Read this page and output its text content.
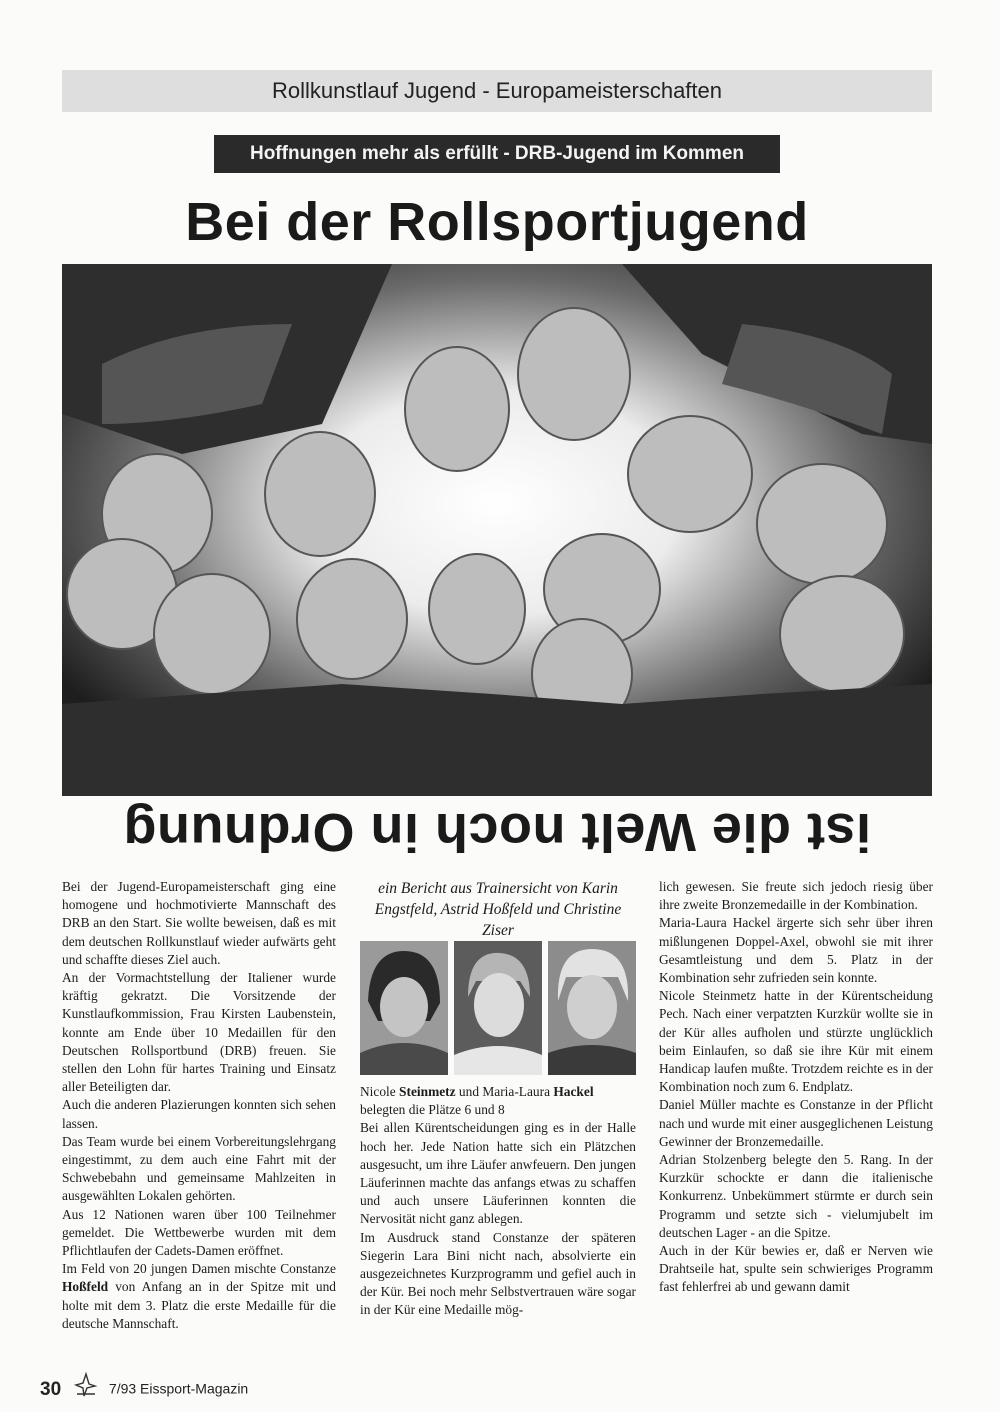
Rollkunstlauf Jugend - Europameisterschaften
Hoffnungen mehr als erfüllt - DRB-Jugend im Kommen
Bei der Rollsportjugend
ist die Welt noch in Ordnung

Bei der Jugend-Europameisterschaft ging eine homogene und hochmotivierte Mannschaft des DRB an den Start. Sie wollte beweisen, daß es mit dem deutschen Rollkunstlauf wieder aufwärts geht und schaffte dieses Ziel auch.

An der Vormachtstellung der Italiener wurde kräftig gekratzt. Die Vorsitzende der Kunstlaufkommission, Frau Kirsten Laubenstein, konnte am Ende über 10 Medaillen für den Deutschen Rollsportbund (DRB) freuen. Sie stellen den Lohn für hartes Training und Einsatz aller Beteiligten dar.

Auch die anderen Plazierungen konnten sich sehen lassen.

Das Team wurde bei einem Vorbereitungslehrgang eingestimmt, zu dem auch eine Fahrt mit der Schwebebahn und gemeinsame Mahlzeiten in ausgewählten Lokalen gehörten.

Aus 12 Nationen waren über 100 Teilnehmer gemeldet. Die Wettbewerbe wurden mit dem Pflichtlaufen der Cadets-Damen eröffnet.

Im Feld von 20 jungen Damen mischte Constanze Hoßfeld von Anfang an in der Spitze mit und holte mit dem 3. Platz die erste Medaille für die deutsche Mannschaft.

ein Bericht aus Trainersicht von Karin Engstfeld, Astrid Hoßfeld und Christine Ziser

Nicole Steinmetz und Maria-Laura Hackel
belegten die Plätze 6 und 8

Bei allen Kürentscheidungen ging es in der Halle hoch her. Jede Nation hatte sich ein Plätzchen ausgesucht, um ihre Läufer anwfeuern. Den jungen Läuferinnen machte das anfangs etwas zu schaffen und auch unsere Läuferinnen konnten die Nervosität nicht ganz ablegen.

Im Ausdruck stand Constanze der späteren Siegerin Lara Bini nicht nach, absolvierte ein ausgezeichnetes Kurzprogramm und gefiel auch in der Kür. Bei noch mehr Selbstvertrauen wäre sogar in der Kür eine Medaille mög-

lich gewesen. Sie freute sich jedoch riesig über ihre zweite Bronzemedaille in der Kombination.

Maria-Laura Hackel ärgerte sich sehr über ihren mißlungenen Doppel-Axel, obwohl sie mit ihrer Gesamtleistung und dem 5. Platz in der Kombination sehr zufrieden sein konnte.

Nicole Steinmetz hatte in der Kürentscheidung Pech. Nach einer verpatzten Kurzkür wollte sie in der Kür alles aufholen und stürzte unglücklich beim Einlaufen, so daß sie ihre Kür mit einem Handicap laufen mußte. Trotzdem reichte es in der Kombination noch zum 6. Endplatz.

Daniel Müller machte es Constanze in der Pflicht nach und wurde mit einer ausgeglichenen Leistung Gewinner der Bronzemedaille.

Adrian Stolzenberg belegte den 5. Rang. In der Kurzkür schockte er dann die italienische Konkurrenz. Unbekümmert stürmte er durch sein Programm und setzte sich - vielumjubelt im deutschen Lager - an die Spitze.

Auch in der Kür bewies er, daß er Nerven wie Drahtseile hat, spulte sein schwieriges Programm fast fehlerfrei ab und gewann damit

30	7/93 Eissport-Magazin
